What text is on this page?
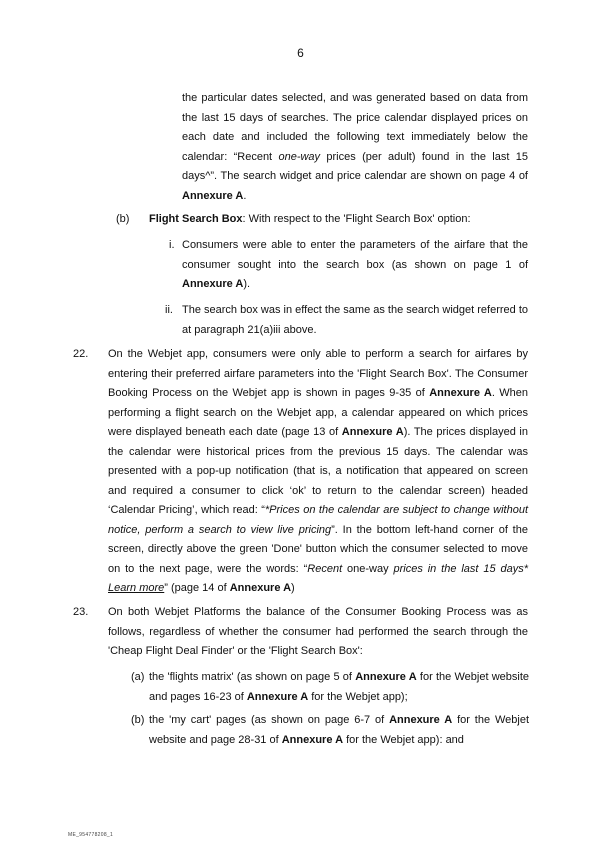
6
the particular dates selected, and was generated based on data from the last 15 days of searches. The price calendar displayed prices on each date and included the following text immediately below the calendar: “Recent one-way prices (per adult) found in the last 15 days^”. The search widget and price calendar are shown on page 4 of Annexure A.
(b) Flight Search Box: With respect to the 'Flight Search Box' option:
i. Consumers were able to enter the parameters of the airfare that the consumer sought into the search box (as shown on page 1 of Annexure A).
ii. The search box was in effect the same as the search widget referred to at paragraph 21(a)iii above.
22. On the Webjet app, consumers were only able to perform a search for airfares by entering their preferred airfare parameters into the 'Flight Search Box'. The Consumer Booking Process on the Webjet app is shown in pages 9-35 of Annexure A. When performing a flight search on the Webjet app, a calendar appeared on which prices were displayed beneath each date (page 13 of Annexure A). The prices displayed in the calendar were historical prices from the previous 15 days. The calendar was presented with a pop-up notification (that is, a notification that appeared on screen and required a consumer to click ‘ok’ to return to the calendar screen) headed ‘Calendar Pricing’, which read: “*Prices on the calendar are subject to change without notice, perform a search to view live pricing”. In the bottom left-hand corner of the screen, directly above the green 'Done' button which the consumer selected to move on to the next page, were the words: “Recent one-way prices in the last 15 days* Learn more” (page 14 of Annexure A)
23. On both Webjet Platforms the balance of the Consumer Booking Process was as follows, regardless of whether the consumer had performed the search through the 'Cheap Flight Deal Finder' or the 'Flight Search Box':
(a) the 'flights matrix' (as shown on page 5 of Annexure A for the Webjet website and pages 16-23 of Annexure A for the Webjet app);
(b) the 'my cart' pages (as shown on page 6-7 of Annexure A for the Webjet website and page 28-31 of Annexure A for the Webjet app): and
ME_954778208_1
